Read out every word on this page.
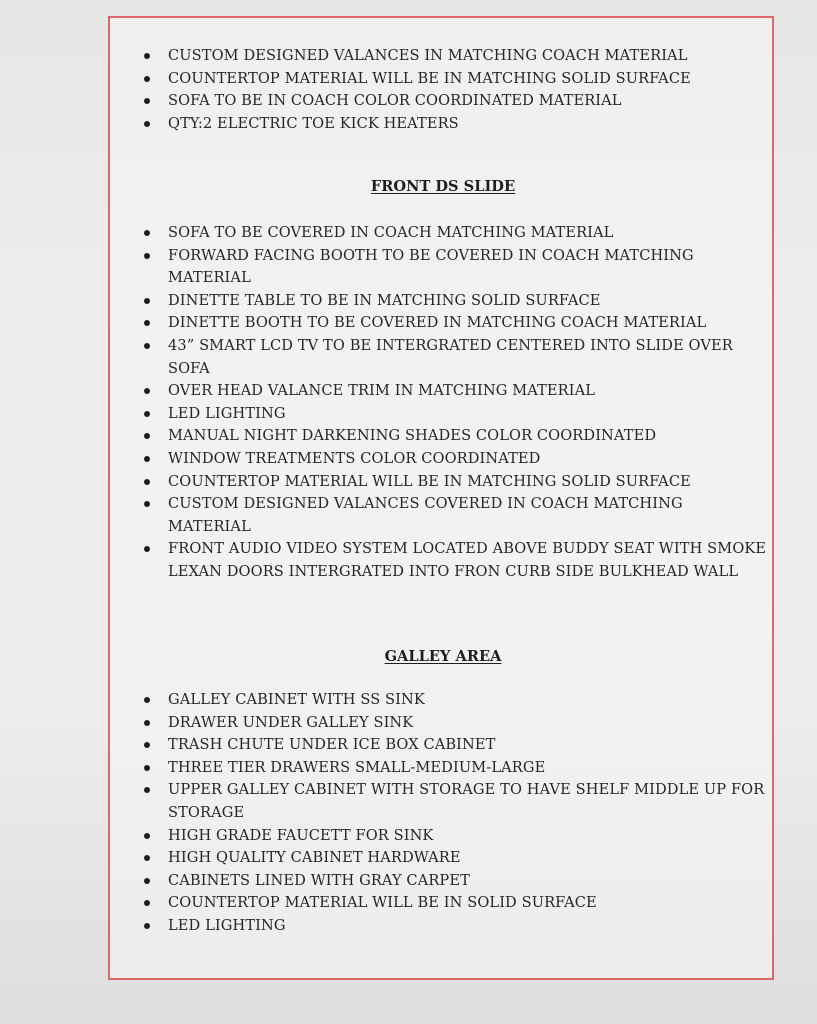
CUSTOM DESIGNED VALANCES IN MATCHING COACH MATERIAL
COUNTERTOP MATERIAL WILL BE IN MATCHING SOLID SURFACE
SOFA TO BE IN COACH COLOR COORDINATED MATERIAL
QTY:2 ELECTRIC TOE KICK HEATERS
FRONT DS SLIDE
SOFA TO BE COVERED IN COACH MATCHING MATERIAL
FORWARD FACING BOOTH TO BE COVERED IN COACH MATCHING MATERIAL
DINETTE TABLE TO BE IN MATCHING SOLID SURFACE
DINETTE BOOTH TO BE COVERED IN MATCHING COACH MATERIAL
43” SMART LCD TV TO BE INTERGRATED CENTERED INTO SLIDE OVER SOFA
OVER HEAD VALANCE TRIM IN MATCHING MATERIAL
LED LIGHTING
MANUAL NIGHT DARKENING SHADES COLOR COORDINATED
WINDOW TREATMENTS COLOR COORDINATED
COUNTERTOP MATERIAL WILL BE IN MATCHING SOLID SURFACE
CUSTOM DESIGNED VALANCES COVERED IN COACH MATCHING MATERIAL
FRONT AUDIO VIDEO SYSTEM LOCATED ABOVE BUDDY SEAT WITH SMOKE LEXAN DOORS INTERGRATED INTO FRON CURB SIDE BULKHEAD WALL
GALLEY AREA
GALLEY CABINET WITH SS SINK
DRAWER UNDER GALLEY SINK
TRASH CHUTE UNDER ICE BOX CABINET
THREE TIER DRAWERS SMALL-MEDIUM-LARGE
UPPER GALLEY CABINET WITH STORAGE TO HAVE SHELF MIDDLE UP FOR STORAGE
HIGH GRADE FAUCETT FOR SINK
HIGH QUALITY CABINET HARDWARE
CABINETS LINED WITH GRAY CARPET
COUNTERTOP MATERIAL WILL BE IN SOLID SURFACE
LED LIGHTING
